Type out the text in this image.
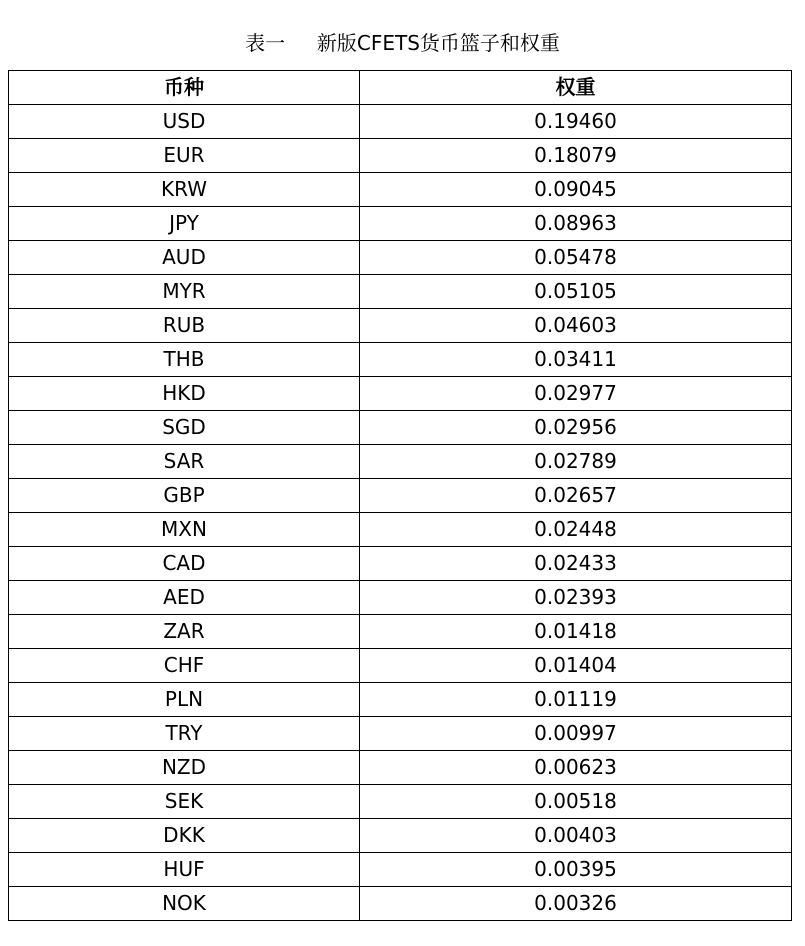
表一 新版CFETS货币篮子和权重
币种	权重
USD	0.19460
EUR	0.18079
KRW	0.09045
JPY	0.08963
AUD	0.05478
MYR	0.05105
RUB	0.04603
THB	0.03411
HKD	0.02977
SGD	0.02956
SAR	0.02789
GBP	0.02657
MXN	0.02448
CAD	0.02433
AED	0.02393
ZAR	0.01418
CHF	0.01404
PLN	0.01119
TRY	0.00997
NZD	0.00623
SEK	0.00518
DKK	0.00403
HUF	0.00395
NOK	0.00326
